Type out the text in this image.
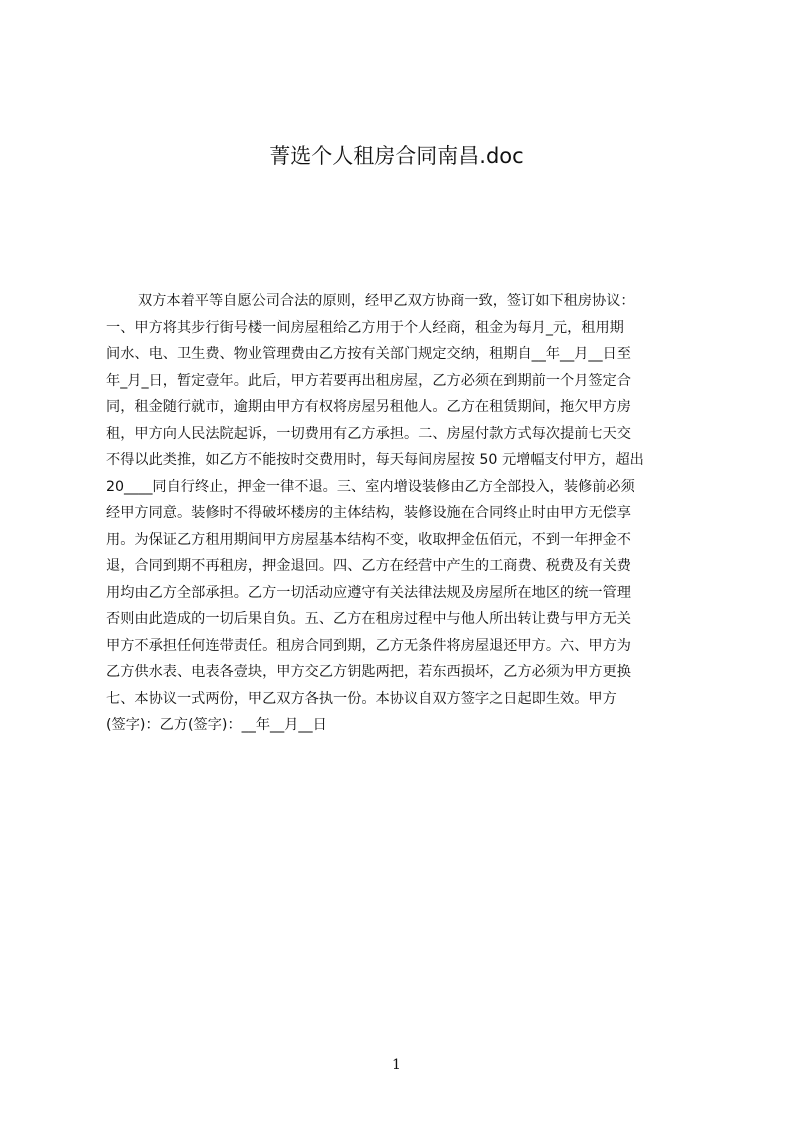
菁选个人租房合同南昌.doc
双方本着平等自愿公司合法的原则，经甲乙双方协商一致，签订如下租房协议：
一、甲方将其步行街号楼一间房屋租给乙方用于个人经商，租金为每月_元，租用期
间水、电、卫生费、物业管理费由乙方按有关部门规定交纳，租期自__年__月__日至
年_月_日，暂定壹年。此后，甲方若要再出租房屋，乙方必须在到期前一个月签定合
同，租金随行就市，逾期由甲方有权将房屋另租他人。乙方在租赁期间，拖欠甲方房
租，甲方向人民法院起诉，一切费用有乙方承担。二、房屋付款方式每次提前七天交
不得以此类推，如乙方不能按时交费用时，每天每间房屋按 50 元增幅支付甲方，超出
20____同自行终止，押金一律不退。三、室内增设装修由乙方全部投入，装修前必须
经甲方同意。装修时不得破坏楼房的主体结构，装修设施在合同终止时由甲方无偿享
用。为保证乙方租用期间甲方房屋基本结构不变，收取押金伍佰元，不到一年押金不
退，合同到期不再租房，押金退回。四、乙方在经营中产生的工商费、税费及有关费
用均由乙方全部承担。乙方一切活动应遵守有关法律法规及房屋所在地区的统一管理
否则由此造成的一切后果自负。五、乙方在租房过程中与他人所出转让费与甲方无关
甲方不承担任何连带责任。租房合同到期，乙方无条件将房屋退还甲方。六、甲方为
乙方供水表、电表各壹块，甲方交乙方钥匙两把，若东西损坏，乙方必须为甲方更换
七、本协议一式两份，甲乙双方各执一份。本协议自双方签字之日起即生效。甲方
(签字)：乙方(签字)：__年__月__日
1
